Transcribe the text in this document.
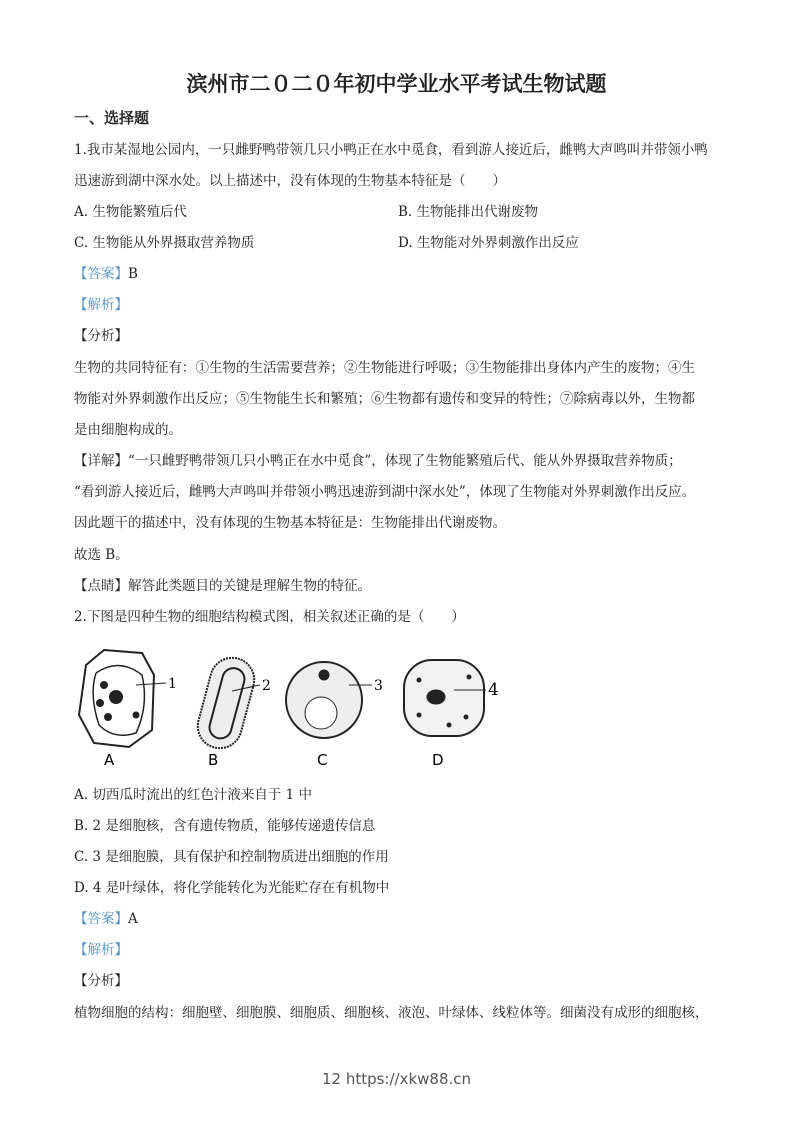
滨州市二０二０年初中学业水平考试生物试题
一、选择题
1.我市某湿地公园内，一只雌野鸭带领几只小鸭正在水中觅食，看到游人接近后，雌鸭大声鸣叫并带领小鸭
迅速游到湖中深水处。以上描述中，没有体现的生物基本特征是（　　）
A. 生物能繁殖后代	B. 生物能排出代谢废物
C. 生物能从外界摄取营养物质	D. 生物能对外界刺激作出反应
【答案】B
【解析】
【分析】
生物的共同特征有：①生物的生活需要营养；②生物能进行呼吸；③生物能排出身体内产生的废物；④生
物能对外界刺激作出反应；⑤生物能生长和繁殖；⑥生物都有遗传和变异的特性；⑦除病毒以外，生物都
是由细胞构成的。
【详解】“一只雌野鸭带领几只小鸭正在水中觅食”，体现了生物能繁殖后代、能从外界摄取营养物质；
“看到游人接近后，雌鸭大声鸣叫并带领小鸭迅速游到湖中深水处”，体现了生物能对外界刺激作出反应。
因此题干的描述中，没有体现的生物基本特征是：生物能排出代谢废物。
故选 B。
【点睛】解答此类题目的关键是理解生物的特征。
2.下图是四种生物的细胞结构模式图，相关叙述正确的是（　　）
1	2	3	4
A	B	C	D
A. 切西瓜时流出的红色汁液来自于 1 中
B. 2 是细胞核，含有遗传物质，能够传递遗传信息
C. 3 是细胞膜，具有保护和控制物质进出细胞的作用
D. 4 是叶绿体，将化学能转化为光能贮存在有机物中
【答案】A
【解析】
【分析】
植物细胞的结构：细胞壁、细胞膜、细胞质、细胞核、液泡、叶绿体、线粒体等。细菌没有成形的细胞核，
12 https://xkw88.cn
